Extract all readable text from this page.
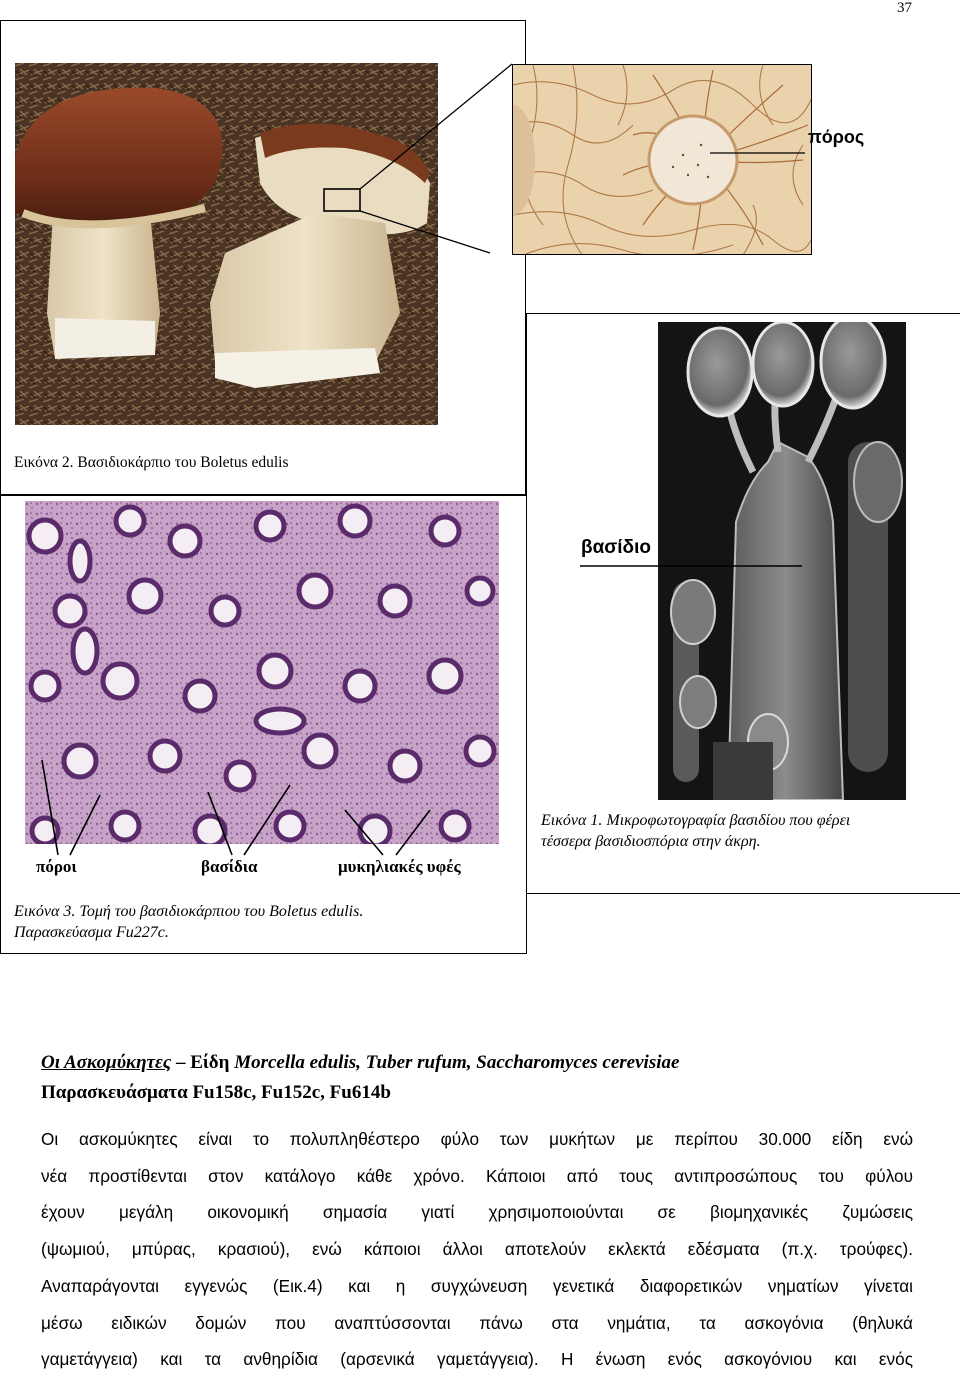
37
πόρος
Εικόνα 2. Βασιδιοκάρπιο του Boletus edulis
βασίδιο
Εικόνα 1. Μικροφωτογραφία βασιδίου που φέρει
τέσσερα βασιδιοσπόρια στην άκρη.
πόροι	βασίδια	μυκηλιακές υφές
Εικόνα 3. Τομή του βασιδιοκάρπιου του Boletus edulis.
Παρασκεύασμα Fu227c.
Οι Ασκομύκητες – Είδη Morcella edulis, Tuber rufum, Saccharomyces cerevisiae
Παρασκευάσματα Fu158c, Fu152c, Fu614b
Οι ασκομύκητες είναι το πολυπληθέστερο φύλο των μυκήτων με περίπου 30.000 είδη ενώ
νέα προστίθενται στον κατάλογο κάθε χρόνο. Κάποιοι από τους αντιπροσώπους του φύλου
έχουν μεγάλη οικονομική σημασία γιατί χρησιμοποιούνται σε βιομηχανικές ζυμώσεις
(ψωμιού, μπύρας, κρασιού), ενώ κάποιοι άλλοι αποτελούν εκλεκτά εδέσματα (π.χ. τρούφες).
Αναπαράγονται εγγενώς (Εικ.4) και η συγχώνευση γενετικά διαφορετικών νηματίων γίνεται
μέσω ειδικών δομών που αναπτύσσονται πάνω στα νημάτια, τα ασκογόνια (θηλυκά
γαμετάγγεια) και τα ανθηρίδια (αρσενικά γαμετάγγεια). Η ένωση ενός ασκογόνιου και ενός
